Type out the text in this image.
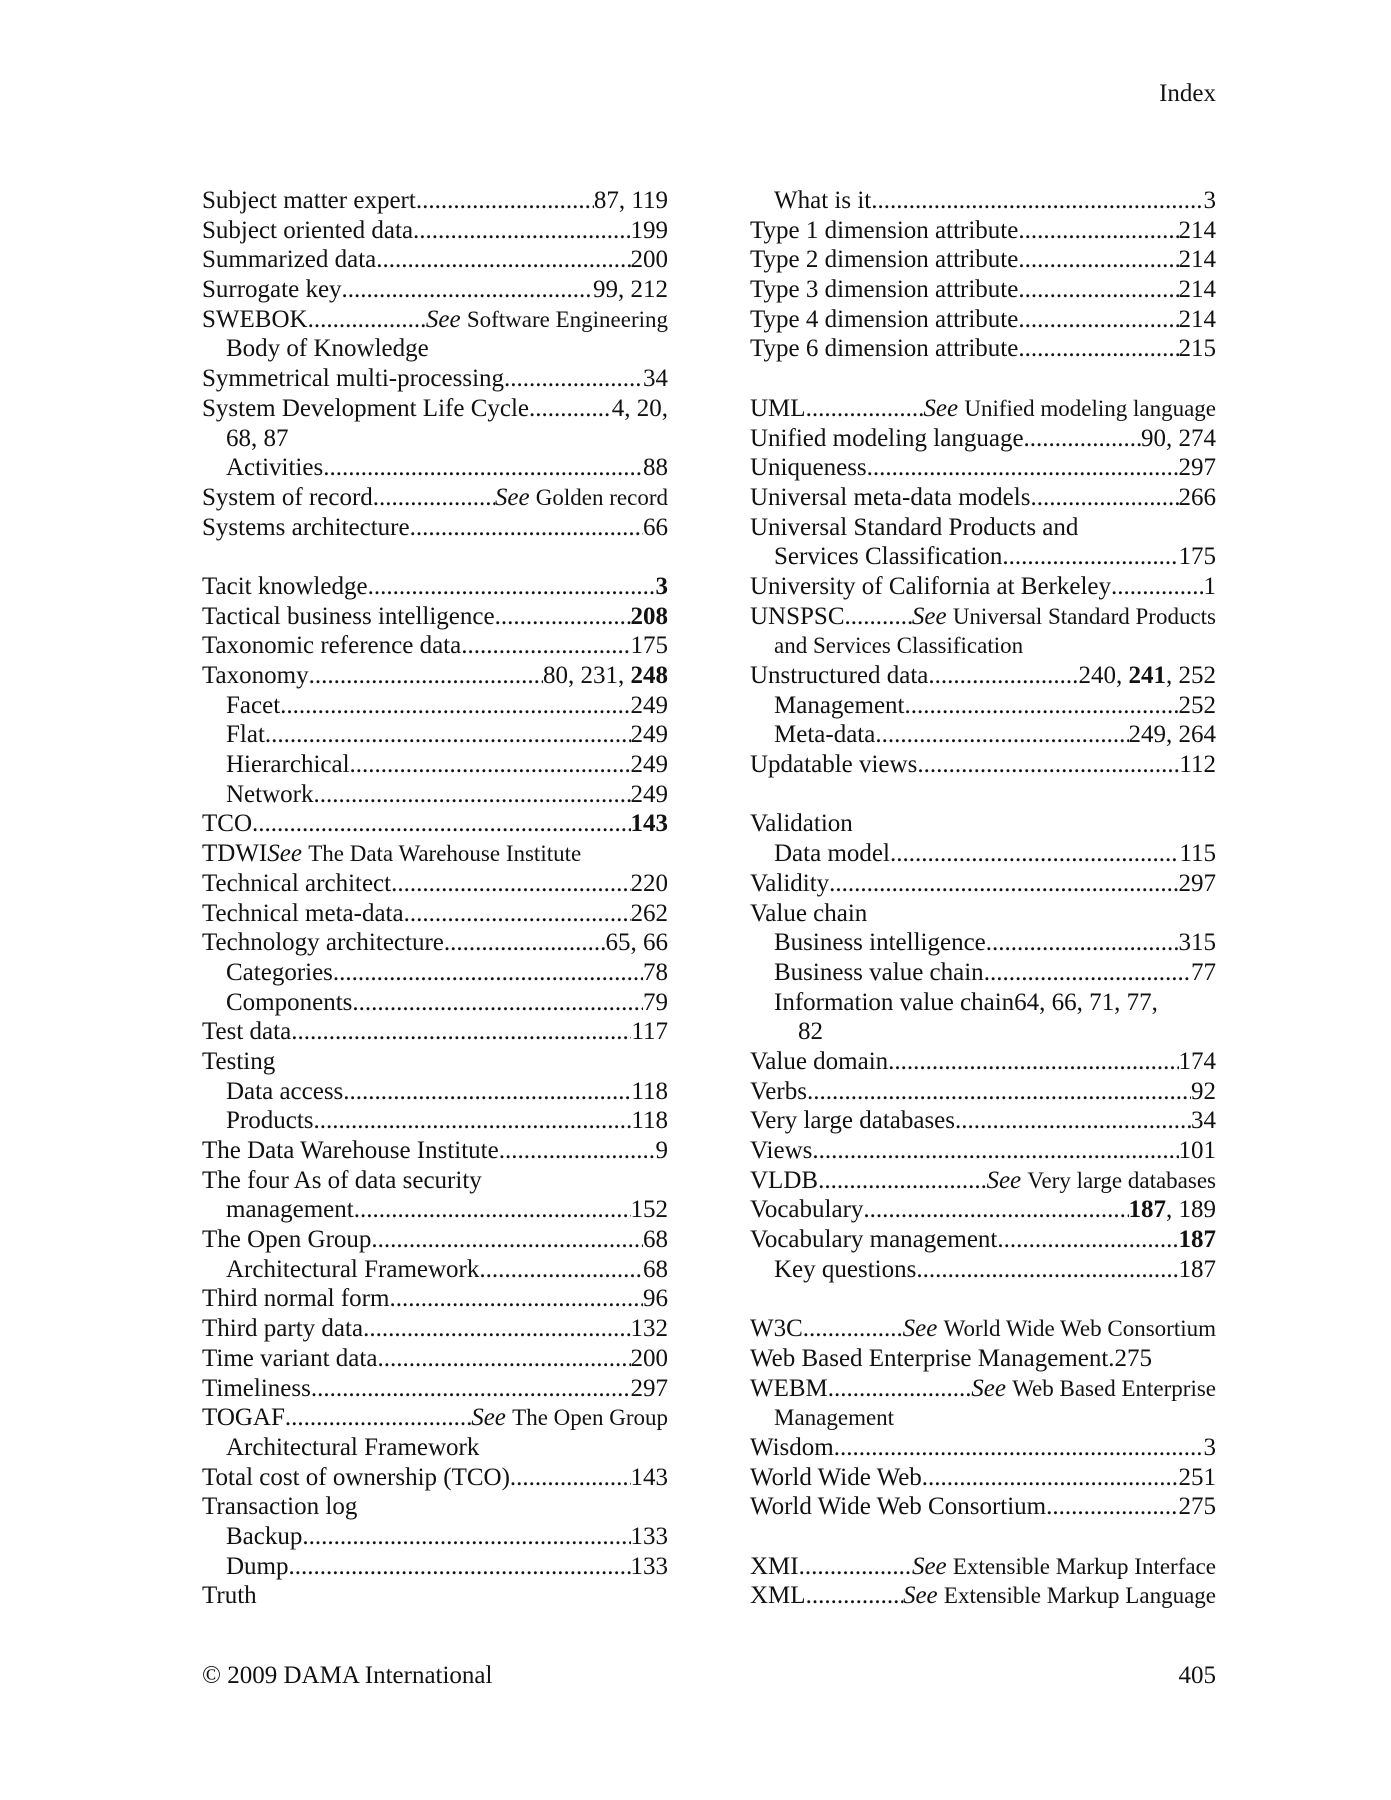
Index
Subject matter expert .....	87, 119
Subject oriented data .....	199
Summarized data .....	200
Surrogate key .....	99, 212
SWEBOK .....	See Software Engineering
Body of Knowledge
Symmetrical multi-processing .....	34
System Development Life Cycle .....	4, 20,
68, 87
Activities .....	88
System of record .....	See Golden record
Systems architecture .....	66
Tacit knowledge .....	3
Tactical business intelligence .....	208
Taxonomic reference data .....	175
Taxonomy .....	80, 231, 248
Facet .....	249
Flat .....	249
Hierarchical .....	249
Network .....	249
TCO .....	143
TDWI See The Data Warehouse Institute
Technical architect .....	220
Technical meta-data .....	262
Technology architecture .....	65, 66
Categories .....	78
Components .....	79
Test data .....	117
Testing
Data access .....	118
Products .....	118
The Data Warehouse Institute .....	9
The four As of data security
management .....	152
The Open Group .....	68
Architectural Framework .....	68
Third normal form .....	96
Third party data .....	132
Time variant data .....	200
Timeliness .....	297
TOGAF .....	See The Open Group
Architectural Framework
Total cost of ownership (TCO) .....	143
Transaction log
Backup .....	133
Dump .....	133
Truth
What is it .....	3
Type 1 dimension attribute .....	214
Type 2 dimension attribute .....	214
Type 3 dimension attribute .....	214
Type 4 dimension attribute .....	214
Type 6 dimension attribute .....	215
UML .....	See Unified modeling language
Unified modeling language .....	90, 274
Uniqueness .....	297
Universal meta-data models .....	266
Universal Standard Products and
Services Classification .....	175
University of California at Berkeley .....	1
UNSPSC .....	See Universal Standard Products
and Services Classification
Unstructured data .....	240, 241, 252
Management .....	252
Meta-data .....	249, 264
Updatable views .....	112
Validation
Data model .....	115
Validity .....	297
Value chain
Business intelligence .....	315
Business value chain .....	77
Information value chain64, 66, 71, 77,
82
Value domain .....	174
Verbs .....	92
Very large databases .....	34
Views .....	101
VLDB .....	See Very large databases
Vocabulary .....	187, 189
Vocabulary management .....	187
Key questions .....	187
W3C .....	See World Wide Web Consortium
Web Based Enterprise Management.275
WEBM .....	See Web Based Enterprise
Management
Wisdom .....	3
World Wide Web .....	251
World Wide Web Consortium .....	275
XMI .....	See Extensible Markup Interface
XML .....	See Extensible Markup Language
© 2009 DAMA International	405
